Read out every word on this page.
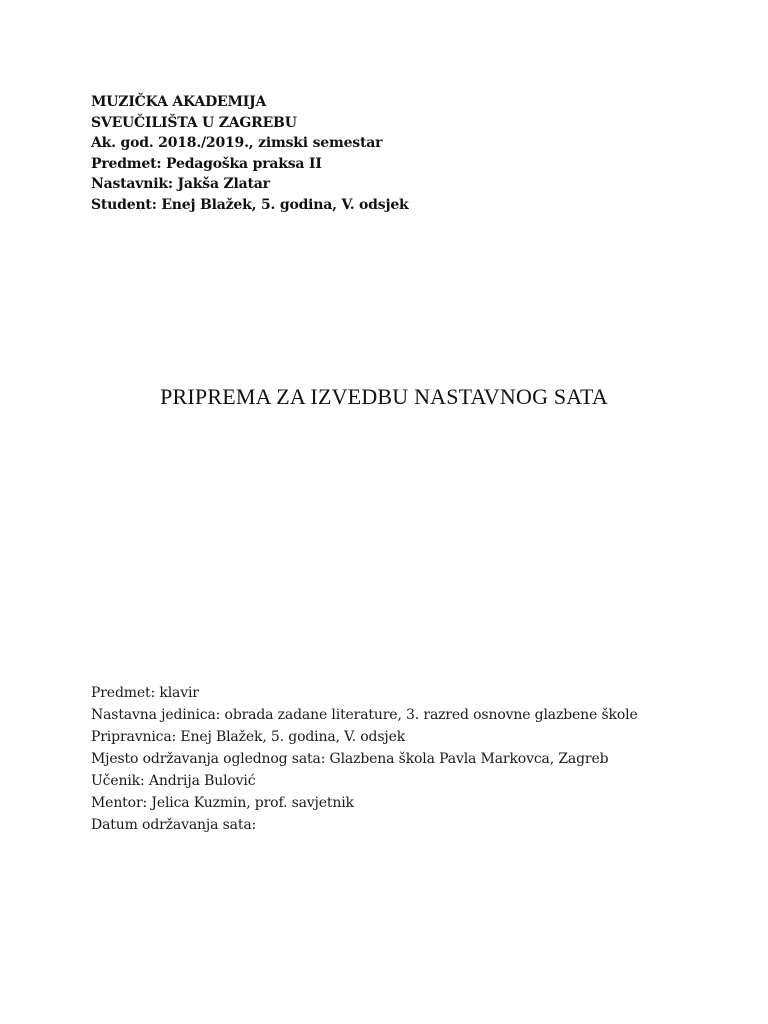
MUZIČKA AKADEMIJA
SVEUČILIŠTA U ZAGREBU
Ak. god. 2018./2019., zimski semestar
Predmet: Pedagoška praksa II
Nastavnik: Jakša Zlatar
Student: Enej Blažek, 5. godina, V. odsjek
PRIPREMA ZA IZVEDBU NASTAVNOG SATA
Predmet: klavir
Nastavna jedinica: obrada zadane literature, 3. razred osnovne glazbene škole
Pripravnica: Enej Blažek, 5. godina, V. odsjek
Mjesto održavanja oglednog sata: Glazbena škola Pavla Markovca, Zagreb
Učenik: Andrija Bulović
Mentor: Jelica Kuzmin, prof. savjetnik
Datum održavanja sata:
